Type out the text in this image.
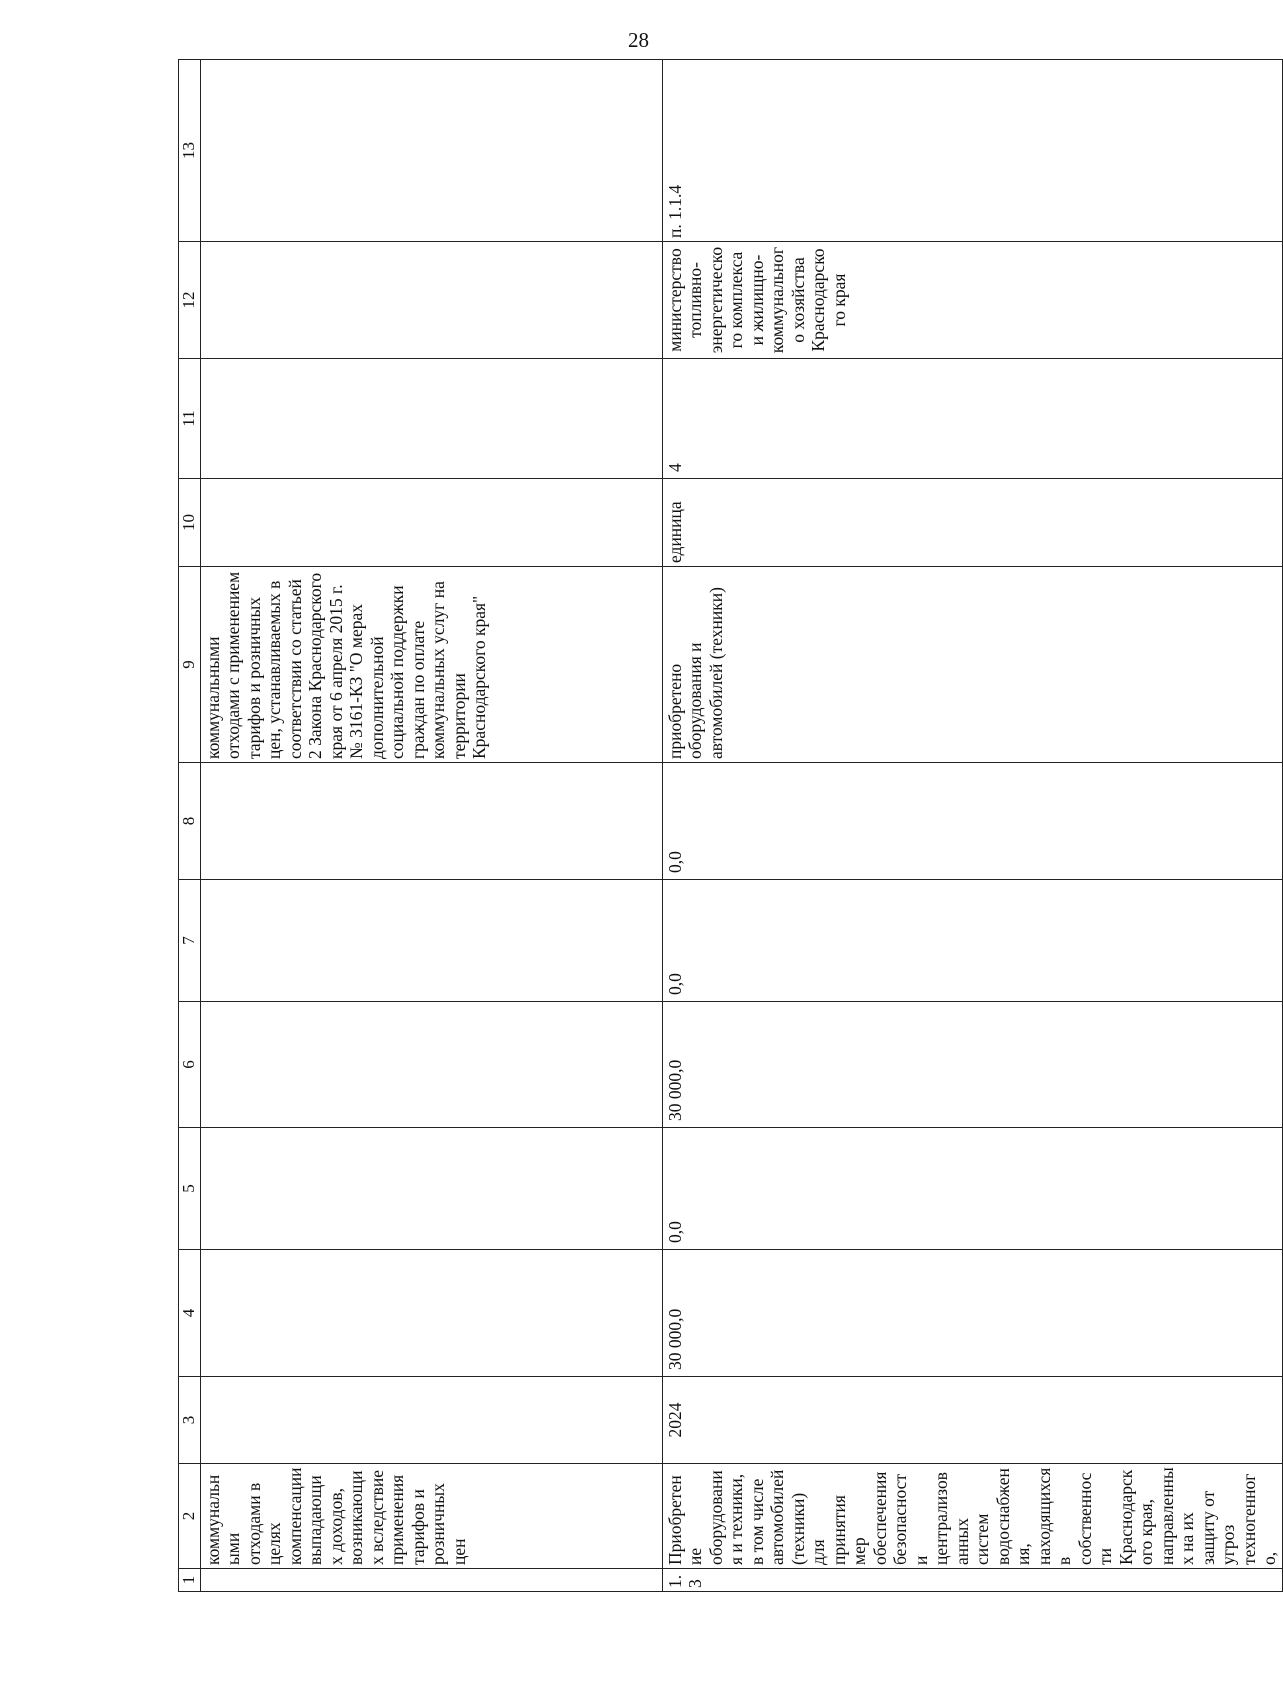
28
1	2	3	4	5	6	7	8	9	10	11	12	13
	коммунальными отходами в целях компенсации выпадающих доходов, возникающих вследствие применения тарифов и розничных цен							коммунальными отходами с применением тарифов и розничных цен, устанавливаемых в соответствии со статьей 2 Закона Краснодарского края от 6 апреля 2015 г. № 3161-КЗ "О мерах дополнительной социальной поддержки граждан по оплате коммунальных услуг на территории Краснодарского края"				
1.3	Приобретение оборудования и техники, в том числе автомобилей (техники) для принятия мер обеспечения безопасности централизованных систем водоснабжения, находящихся в собственности Краснодарского края, направленных на их защиту от угроз техногенного,	2024	30 000,0	0,0	30 000,0	0,0	0,0	приобретено оборудования и автомобилей (техники)	единица	4	министерство топливно-энергетического комплекса и жилищно-коммунального хозяйства Краснодарского края	п. 1.1.4
